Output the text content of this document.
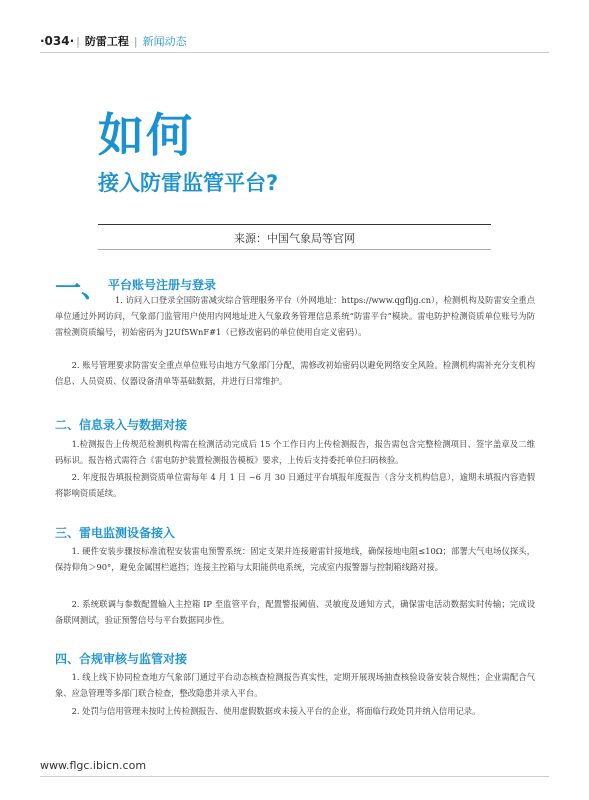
·034· | 防雷工程 | 新闻动态
如何
接入防雷监管平台?
来源：中国气象局等官网
一、 平台账号注册与登录
1. 访问入口登录全国防雷减灾综合管理服务平台（外网地址：https://www.qgfljg.cn），检测机构及防雷安全重点单位通过外网访问，气象部门监管用户使用内网地址进入气象政务管理信息系统“防雷平台”模块。雷电防护检测资质单位账号为防雷检测资质编号，初始密码为 J2Uf5WnF#1（已修改密码的单位使用自定义密码）。
2. 账号管理要求防雷安全重点单位账号由地方气象部门分配，需修改初始密码以避免网络安全风险。检测机构需补充分支机构信息、人员资质、仪器设备清单等基础数据，并进行日常维护。
二、信息录入与数据对接
1.检测报告上传规范检测机构需在检测活动完成后 15 个工作日内上传检测报告，报告需包含完整检测项目、签字盖章及二维码标识。报告格式需符合《雷电防护装置检测报告模板》要求，上传后支持委托单位扫码核验。
2. 年度报告填报检测资质单位需每年 4 月 1 日 ~6 月 30 日通过平台填报年度报告（含分支机构信息），逾期未填报内容造假将影响资质延续。
三、雷电监测设备接入
1. 硬件安装步骤按标准流程安装雷电预警系统：固定支架并连接避雷针接地线，确保接地电阻≤10Ω；部署大气电场仪探头，保持仰角＞90°，避免金属围栏遮挡；连接主控箱与太阳能供电系统，完成室内报警器与控制箱线路对接。
2. 系统联调与参数配置输入主控箱 IP 至监管平台，配置警报阈值、灵敏度及通知方式，确保雷电活动数据实时传输；完成设备联网测试，验证预警信号与平台数据同步性。
四、合规审核与监管对接
1. 线上线下协同检查地方气象部门通过平台动态核查检测报告真实性，定期开展现场抽查核验设备安装合规性；企业需配合气象、应急管理等多部门联合检查，整改隐患并录入平台。
2. 处罚与信用管理未按时上传检测报告、使用虚假数据或未接入平台的企业，将面临行政处罚并纳入信用记录。
www.flgc.ibicn.com
